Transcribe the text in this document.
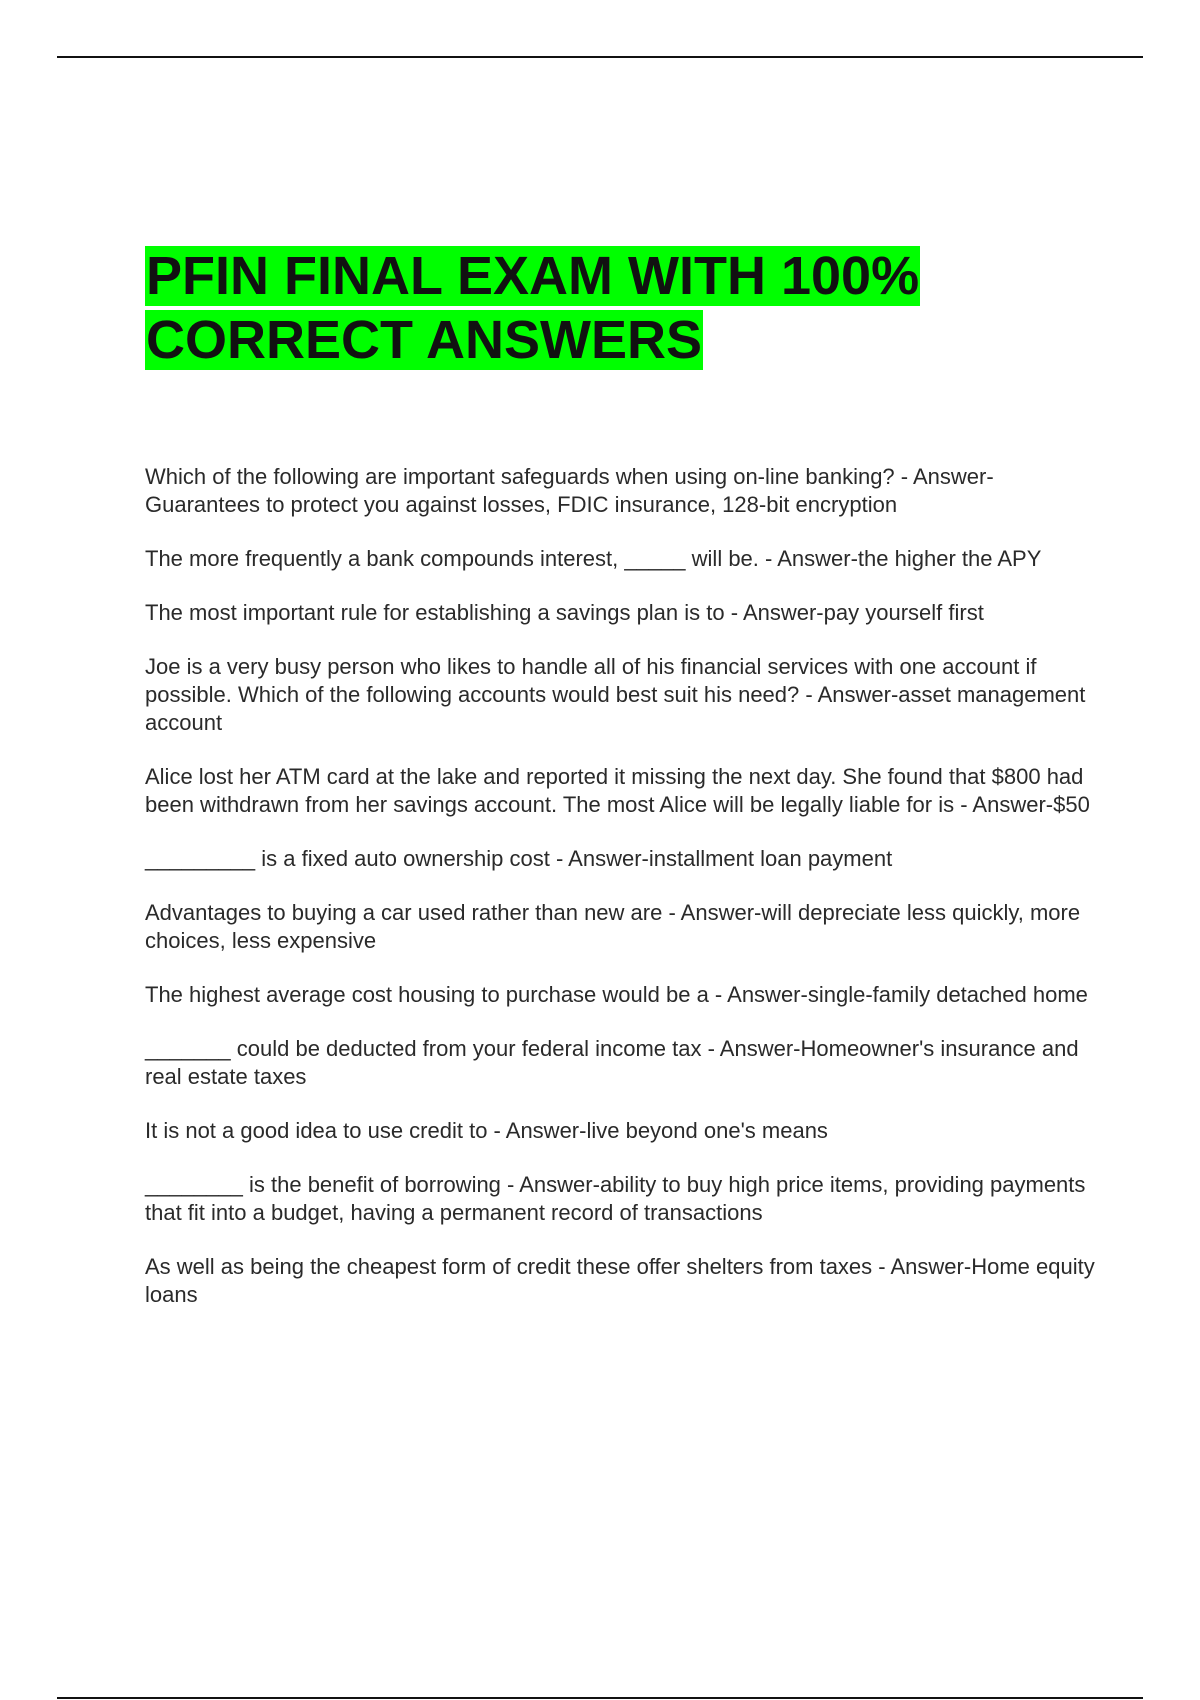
PFIN FINAL EXAM WITH 100% CORRECT ANSWERS
Which of the following are important safeguards when using on-line banking? - Answer-Guarantees to protect you against losses, FDIC insurance, 128-bit encryption
The more frequently a bank compounds interest, _____ will be. - Answer-the higher the APY
The most important rule for establishing a savings plan is to - Answer-pay yourself first
Joe is a very busy person who likes to handle all of his financial services with one account if possible. Which of the following accounts would best suit his need? - Answer-asset management account
Alice lost her ATM card at the lake and reported it missing the next day. She found that $800 had been withdrawn from her savings account. The most Alice will be legally liable for is - Answer-$50
_________ is a fixed auto ownership cost - Answer-installment loan payment
Advantages to buying a car used rather than new are - Answer-will depreciate less quickly, more choices, less expensive
The highest average cost housing to purchase would be a - Answer-single-family detached home
_______ could be deducted from your federal income tax - Answer-Homeowner's insurance and real estate taxes
It is not a good idea to use credit to - Answer-live beyond one's means
________ is the benefit of borrowing - Answer-ability to buy high price items, providing payments that fit into a budget, having a permanent record of transactions
As well as being the cheapest form of credit these offer shelters from taxes - Answer-Home equity loans
